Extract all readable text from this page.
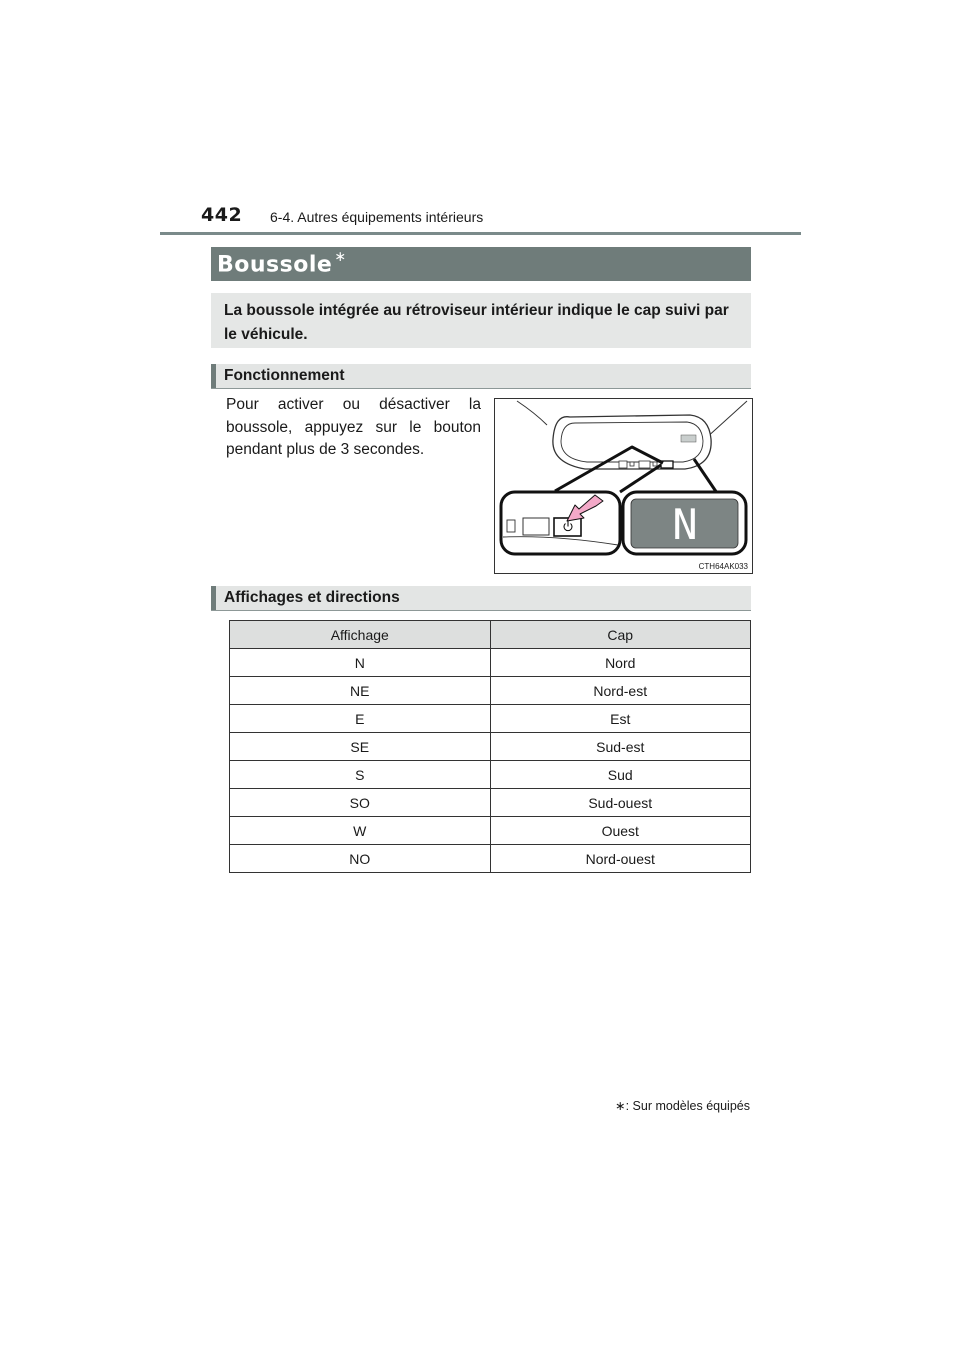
442 6-4. Autres équipements intérieurs
Boussole ∗
La boussole intégrée au rétroviseur intérieur indique le cap suivi par le véhicule.
Fonctionnement
Pour activer ou désactiver la boussole, appuyez sur le bouton pendant plus de 3 secondes.
N
CTH64AK033
Affichages et directions
Affichage	Cap
N	Nord
NE	Nord-est
E	Est
SE	Sud-est
S	Sud
SO	Sud-ouest
W	Ouest
NO	Nord-ouest
∗: Sur modèles équipés
